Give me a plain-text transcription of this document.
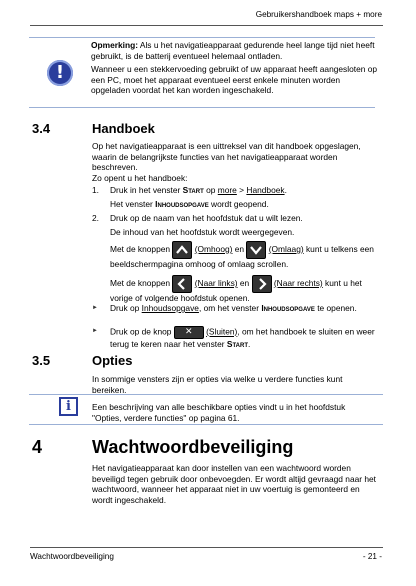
Gebruikershandboek maps + more
!

Opmerking: Als u het navigatieapparaat gedurende heel lange tijd niet heeft gebruikt, is de batterij eventueel helemaal ontladen.

Wanneer u een stekkervoeding gebruikt of uw apparaat heeft aangesloten op een PC, moet het apparaat eventueel eerst enkele minuten worden opgeladen voordat het kan worden ingeschakeld.

3.4	Handboek

Op het navigatieapparaat is een uittreksel van dit handboek opgeslagen, waarin de belangrijkste functies van het navigatieapparaat worden beschreven.

Zo opent u het handboek:
1. Druk in het venster Start op more > Handboek.
Het venster Inhoudsopgave wordt geopend.
2. Druk op de naam van het hoofdstuk dat u wilt lezen.
De inhoud van het hoofdstuk wordt weergegeven.
Met de knoppen	(Omhoog) en	(Omlaag) kunt u telkens een beeldschermpagina omhoog of omlaag scrollen.
Met de knoppen	(Naar links) en	(Naar rechts) kunt u het vorige of volgende hoofdstuk openen.
► Druk op Inhoudsopgave, om het venster Inhoudsopgave te openen.
► Druk op de knop ✕ (Sluiten), om het handboek te sluiten en weer terug te keren naar het venster Start.
3.5	Opties
In sommige vensters zijn er opties via welke u verdere functies kunt bereiken.
i
Een beschrijving van alle beschikbare opties vindt u in het hoofdstuk "Opties, verdere functies" op pagina 61.
4	Wachtwoordbeveiliging
Het navigatieapparaat kan door instellen van een wachtwoord worden beveiligd tegen gebruik door onbevoegden. Er wordt altijd gevraagd naar het wachtwoord, wanneer het apparaat niet in uw voertuig is gemonteerd en wordt ingeschakeld.
Wachtwoordbeveiliging	- 21 -
